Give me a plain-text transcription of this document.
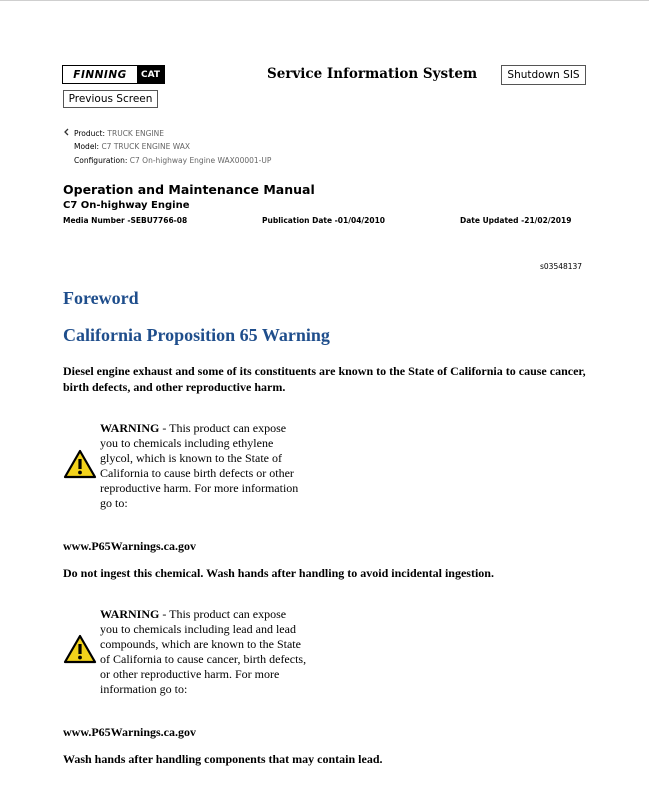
FINNING	CAT	Service Information System	Shutdown SIS
Previous Screen
Product: TRUCK ENGINE
Model: C7 TRUCK ENGINE WAX
Configuration: C7 On-highway Engine WAX00001-UP
Operation and Maintenance Manual
C7 On-highway Engine
Media Number -SEBU7766-08	Publication Date -01/04/2010	Date Updated -21/02/2019
s03548137
Foreword
California Proposition 65 Warning
Diesel engine exhaust and some of its constituents are known to the State of California to cause cancer, birth defects, and other reproductive harm.
WARNING - This product can expose
you to chemicals including ethylene
glycol, which is known to the State of
California to cause birth defects or other
reproductive harm. For more information
go to:
www.P65Warnings.ca.gov
Do not ingest this chemical. Wash hands after handling to avoid incidental ingestion.
WARNING - This product can expose
you to chemicals including lead and lead
compounds, which are known to the State
of California to cause cancer, birth defects,
or other reproductive harm. For more
information go to:
www.P65Warnings.ca.gov
Wash hands after handling components that may contain lead.
